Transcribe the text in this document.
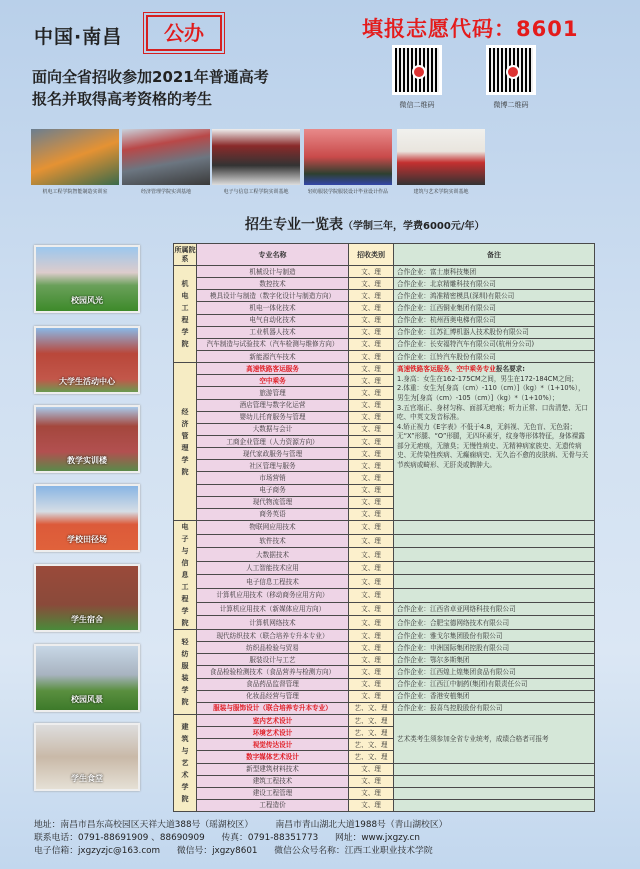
中国·南昌	公办	填报志愿代码：8601
面向全省招收参加2021年普通高考
报名并取得高考资格的考生	微信二维码	微博二维码
机电工程学院智能制造实训室	经济管理学院实训基地	电子与信息工程学院实训基地	轻纺服装学院服装设计毕业设计作品	建筑与艺术学院实训基地
招生专业一览表（学制三年，学费6000元/年）
校园风光
大学生活动中心
教学实训楼
学校田径场
学生宿舍
校园风景
学生食堂
所属院系	专业名称	招收类别	备注
机电工程学院	机械设计与制造	文、理	合作企业：富士康科技集团
	数控技术	文、理	合作企业：北京精雕科技有限公司
	模具设计与制造（数字化设计与制造方向）	文、理	合作企业：鸿准精密模具(深圳)有限公司
	机电一体化技术	文、理	合作企业：江西铜业集团有限公司
	电气自动化技术	文、理	合作企业：杭州西奥电梯有限公司
	工业机器人技术	文、理	合作企业：江苏汇博机器人技术股份有限公司
	汽车制造与试验技术（汽车检测与维修方向）	文、理	合作企业：长安福特汽车有限公司(杭州分公司)
	新能源汽车技术	文、理	合作企业：江铃汽车股份有限公司
经济管理学院	高速铁路客运服务	文、理	高速铁路客运服务、空中乘务专业报名要求:
1.身高：女生在162-175CM之间，男生在172-184CM之间；
2.体重：女生为[身高（cm）-110（cm）]（kg）*（1+10%），男生为[身高（cm）-105（cm）]（kg）*（1+10%）；
3.五官端正、身材匀称、面部无疤痕；听力正常、口齿清楚、无口吃、中英文发音标准。
4.矫正视力《E字表》不低于4.8，无斜视、无色盲、无色弱；无“X”形腿、“O”形腿，无四环素牙，纹身等形体特征，身体裸露部分无疤痕，无腋臭；无慢性病史、无精神病家族史、无遗传病史、无传染性疾病、无癫痫病史、无久治不愈的皮肤病、无骨与关节疾病或畸形、无肝炎或脾肿大。

	空中乘务	文、理	
	旅游管理	文、理	
	酒店管理与数字化运营	文、理	
	婴幼儿托育服务与管理	文、理	
	大数据与会计	文、理	
	工商企业管理（人力资源方向）	文、理	
	现代家政服务与管理	文、理	
	社区管理与服务	文、理	
	市场营销	文、理	
	电子商务	文、理	
	现代物流管理	文、理	
	商务英语	文、理	
电子与信息工程学院	物联网应用技术	文、理	
	软件技术	文、理	
	大数据技术	文、理	
	人工智能技术应用	文、理	
	电子信息工程技术	文、理	
	计算机应用技术（移动商务应用方向）	文、理	
	计算机应用技术（新媒体应用方向）	文、理	合作企业：江西省卓亚网络科技有限公司
	计算机网络技术	文、理	合作企业：合肥宝德网络技术有限公司
轻纺服装学院	现代纺织技术（联合培养专升本专业）	文、理	合作企业：雅戈尔集团股份有限公司
	纺织品检验与贸易	文、理	合作企业：申洲国际集团控股有限公司
	服装设计与工艺	文、理	合作企业：鄂尔多斯集团
	食品检验检测技术（食品营养与检测方向）	文、理	合作企业：江西煌上煌集团食品有限公司
	食品药品监督管理	文、理	合作企业：江西江中制药(集团)有限责任公司
	化妆品经营与管理	文、理	合作企业：香港安植集团
	服装与服饰设计（联合培养专升本专业）	艺、文、理	合作企业：报喜鸟控股股份有限公司
建筑与艺术学院	室内艺术设计	艺、文、理	艺术类考生须参加全省专业统考，成绩合格者可报考
	环境艺术设计	艺、文、理	
	视觉传达设计	艺、文、理	
	数字媒体艺术设计	艺、文、理	
	新型建筑材料技术	文、理	
	建筑工程技术	文、理	
	建设工程管理	文、理	
	工程造价	文、理	
地址：南昌市昌东高校园区天祥大道388号（瑶湖校区）        南昌市青山湖北大道1988号（青山湖校区）
联系电话：0791-88691909 、88690909      传真：0791-88351773      网址：www.jxgzy.cn
电子信箱：jxgzyzjc@163.com      微信号：jxgzy8601      微信公众号名称：江西工业职业技术学院
